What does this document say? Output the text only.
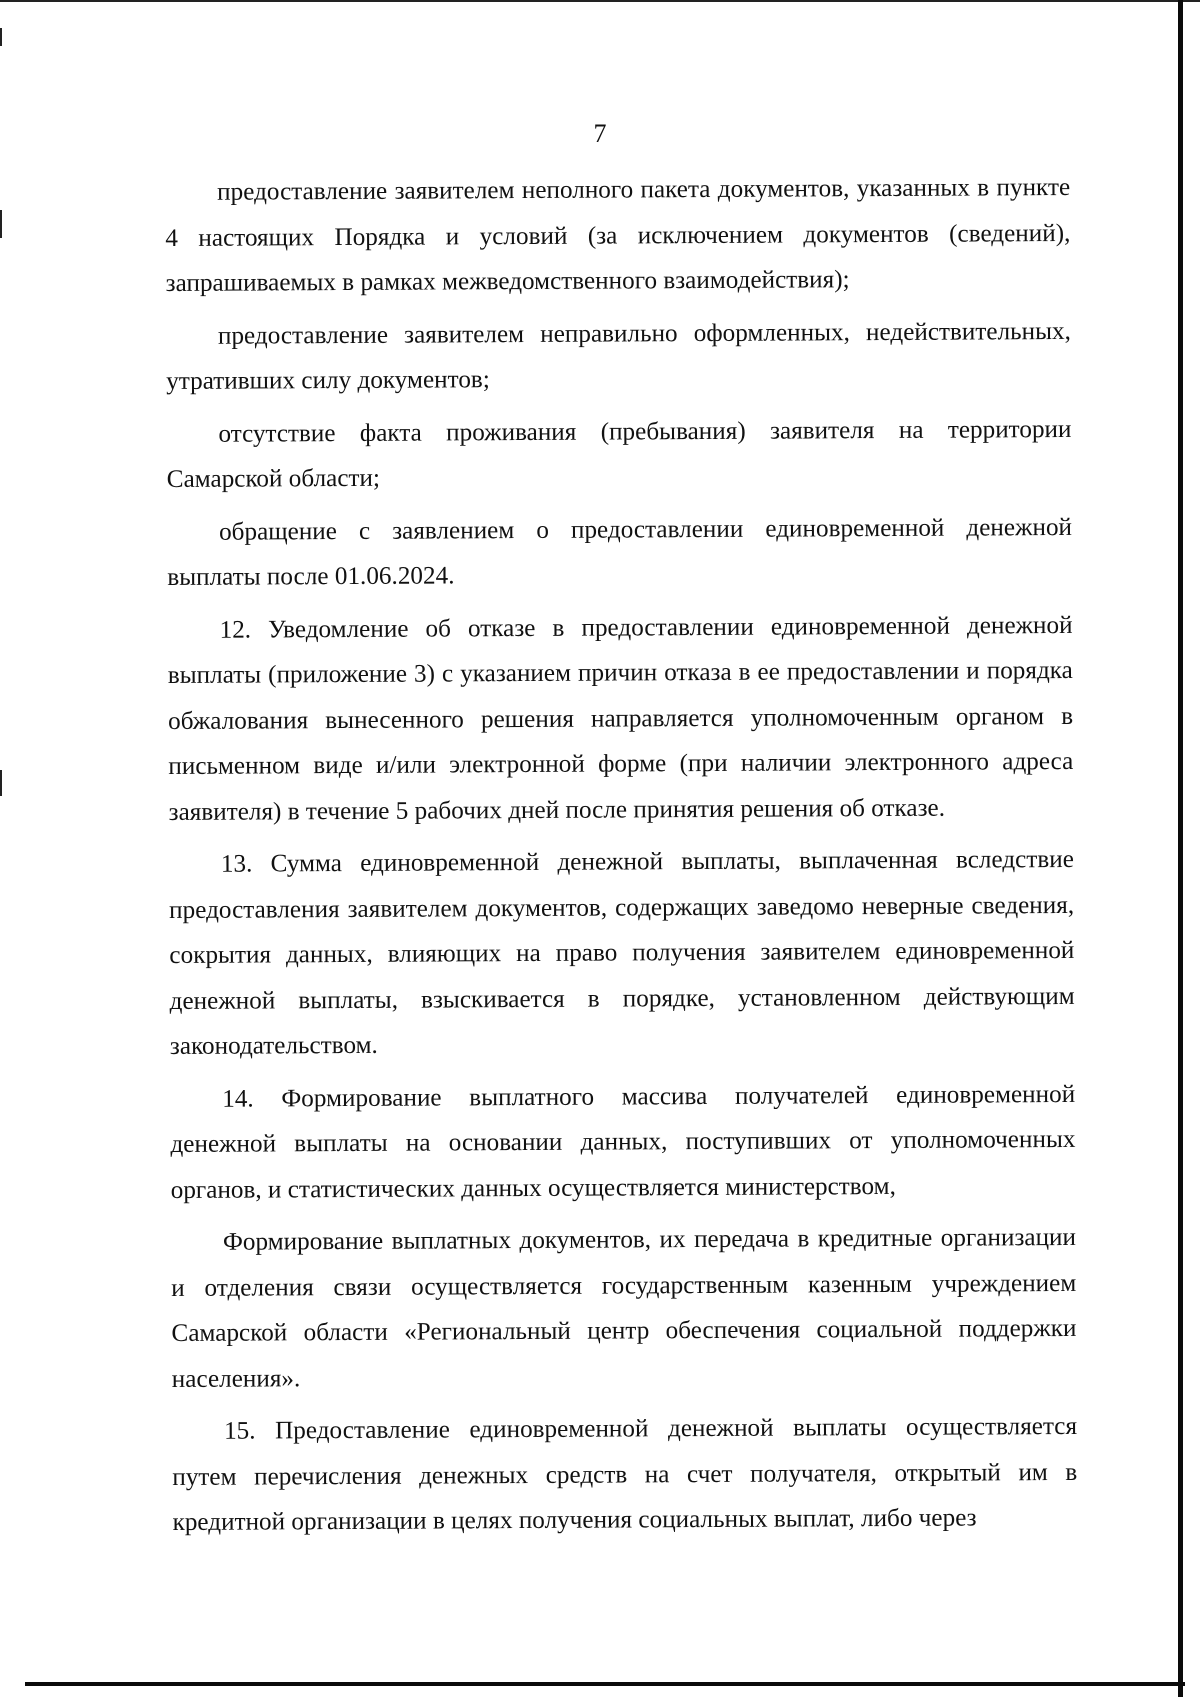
7

предоставление заявителем неполного пакета документов, указанных в пункте 4 настоящих Порядка и условий (за исключением документов (сведений), запрашиваемых в рамках межведомственного взаимодействия);

предоставление заявителем неправильно оформленных, недействительных, утративших силу документов;

отсутствие факта проживания (пребывания) заявителя на территории Самарской области;

обращение с заявлением о предоставлении единовременной денежной выплаты после 01.06.2024.

12. Уведомление об отказе в предоставлении единовременной денежной выплаты (приложение 3) с указанием причин отказа в ее предоставлении и порядка обжалования вынесенного решения направляется уполномоченным органом в письменном виде и/или электронной форме (при наличии электронного адреса заявителя) в течение 5 рабочих дней после принятия решения об отказе.

13. Сумма единовременной денежной выплаты, выплаченная вследствие предоставления заявителем документов, содержащих заведомо неверные сведения, сокрытия данных, влияющих на право получения заявителем единовременной денежной выплаты, взыскивается в порядке, установленном действующим законодательством.

14. Формирование выплатного массива получателей единовременной денежной выплаты на основании данных, поступивших от уполномоченных органов, и статистических данных осуществляется министерством,

Формирование выплатных документов, их передача в кредитные организации и отделения связи осуществляется государственным казенным учреждением Самарской области «Региональный центр обеспечения социальной поддержки населения».

15. Предоставление единовременной денежной выплаты осуществляется путем перечисления денежных средств на счет получателя, открытый им в кредитной организации в целях получения социальных выплат, либо через
